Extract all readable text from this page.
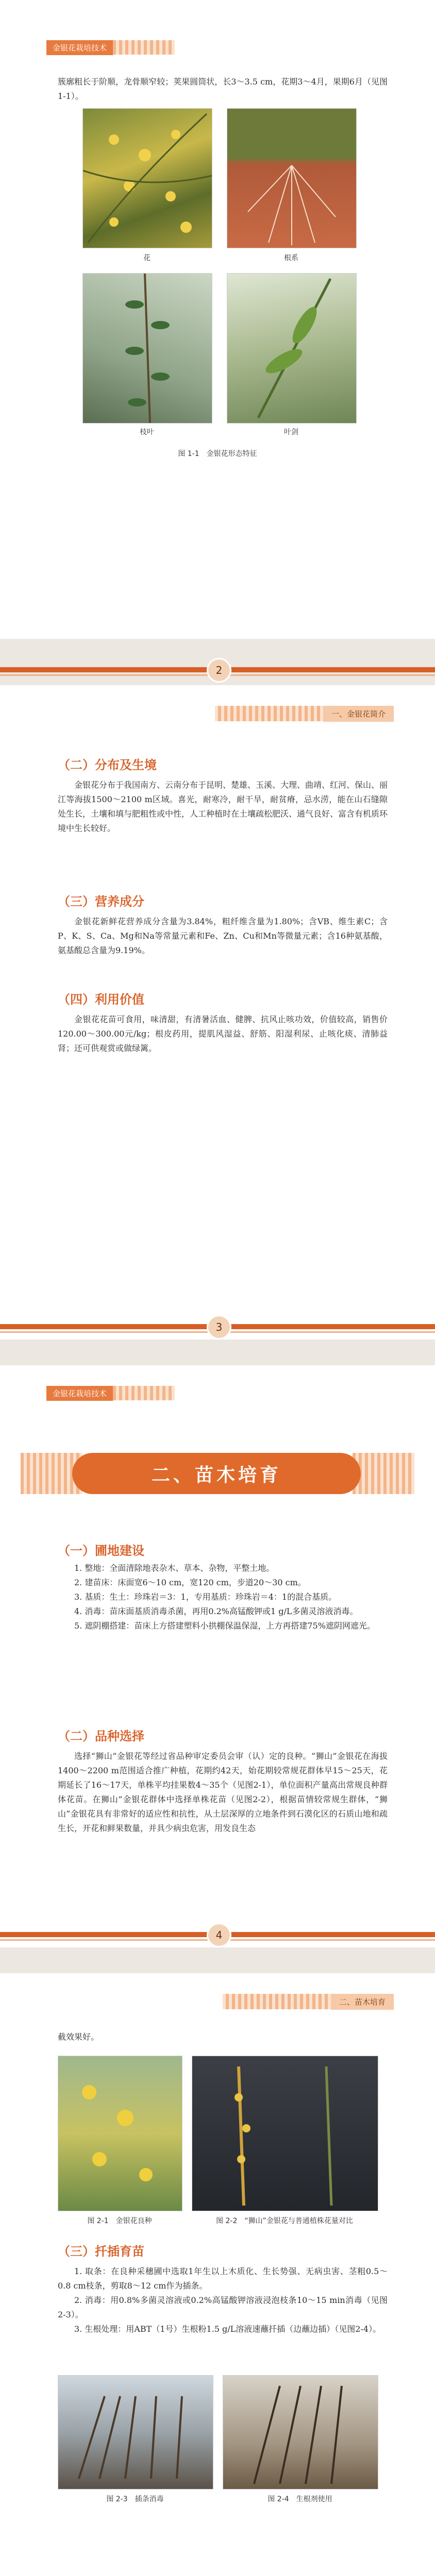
金银花栽培技术

簇廓粗长于阶顺，龙骨顺窄较；荚果圆筒状，长3～3.5 cm，花期3～4月，果期6月（见图1-1）。

花	根系
枝叶	叶剑
图 1-1　金银花形态特征
2
一、金银花简介
（二）分布及生境

金银花分布于我国南方、云南分布于昆明、楚雄、玉溪、大理、曲靖、红河、保山、丽江等海拔1500～2100 m区域。喜光，耐寒冷，耐干旱，耐贫瘠，忌水涝，能在山石缝隙处生长，土壤和填与肥粗性或中性，人工种植时在土壤疏松肥沃、通气良好、富含有机质环境中生长较好。

（三）营养成分

金银花新鲜花营养成分含量为3.84%，粗纤维含量为1.80%；含VB、维生素C；含P、K、S、Ca、Mg和Na等常量元素和Fe、Zn、Cu和Mn等微量元素；含16种氨基酸，氨基酸总含量为9.19%。

（四）利用价值

金银花花苗可食用，味清甜，有清暑活血、健脾、抗风止咳功效，价值较高，销售价120.00～300.00元/kg；根皮药用，提肌风湿益、舒筋、阳湿利尿、止咳化痰、清肺益肾；还可供观赏或做绿篱。

3
金银花栽培技术
二、苗木培育
（一）圃地建设

1. 整地：全面清除地表杂木、草本、杂物，平整土地。

2. 建苗床：床面宽6～10 cm，宽120 cm，步道20～30 cm。

3. 基质：生土：珍珠岩＝3：1，专用基质：珍珠岩＝4：1的混合基质。

4. 消毒：苗床面基质消毒杀菌，再用0.2%高锰酸钾或1 g/L多菌灵溶液消毒。

5. 遮阴棚搭建：苗床上方搭建塑料小拱棚保温保湿，上方再搭建75%遮阴网遮光。

（二）品种选择

选择“狮山”金银花等经过省品种审定委员会审（认）定的良种。“狮山”金银花在海拔1400～2200 m范围适合推广种植，花期约42天，始花期较常规花群体早15～25天，花期延长了16～17天，单株平均挂果数4～35个（见图2-1），单位面积产量高出常规良种群体花苗。在狮山”金银花群体中选择单株花苗（见图2-2），根据苗情较常规生群体，“狮山”金银花具有非常好的适应性和抗性，从土层深厚的立地条件到石漠化区的石质山地和疏生长，开花和鲜果数量，并具少病虫危害，用发良生态

4
二、苗木培育

截效果好。

图 2-1　金银花良种	图 2-2　“狮山”金银花与普通植株花量对比
（三）扦插育苗

1. 取条：在良种采穗圃中选取1年生以上木质化、生长势强、无病虫害、茎粗0.5～0.8 cm枝条，剪取8～12 cm作为插条。

2. 消毒：用0.8%多菌灵溶液或0.2%高锰酸钾溶液浸泡枝条10～15 min消毒（见图2-3）。

3. 生根处理：用ABT（1号）生根粉1.5 g/L溶液速蘸扦插（边蘸边插）（见图2-4）。

图 2-3　插条消毒	图 2-4　生根剂使用
